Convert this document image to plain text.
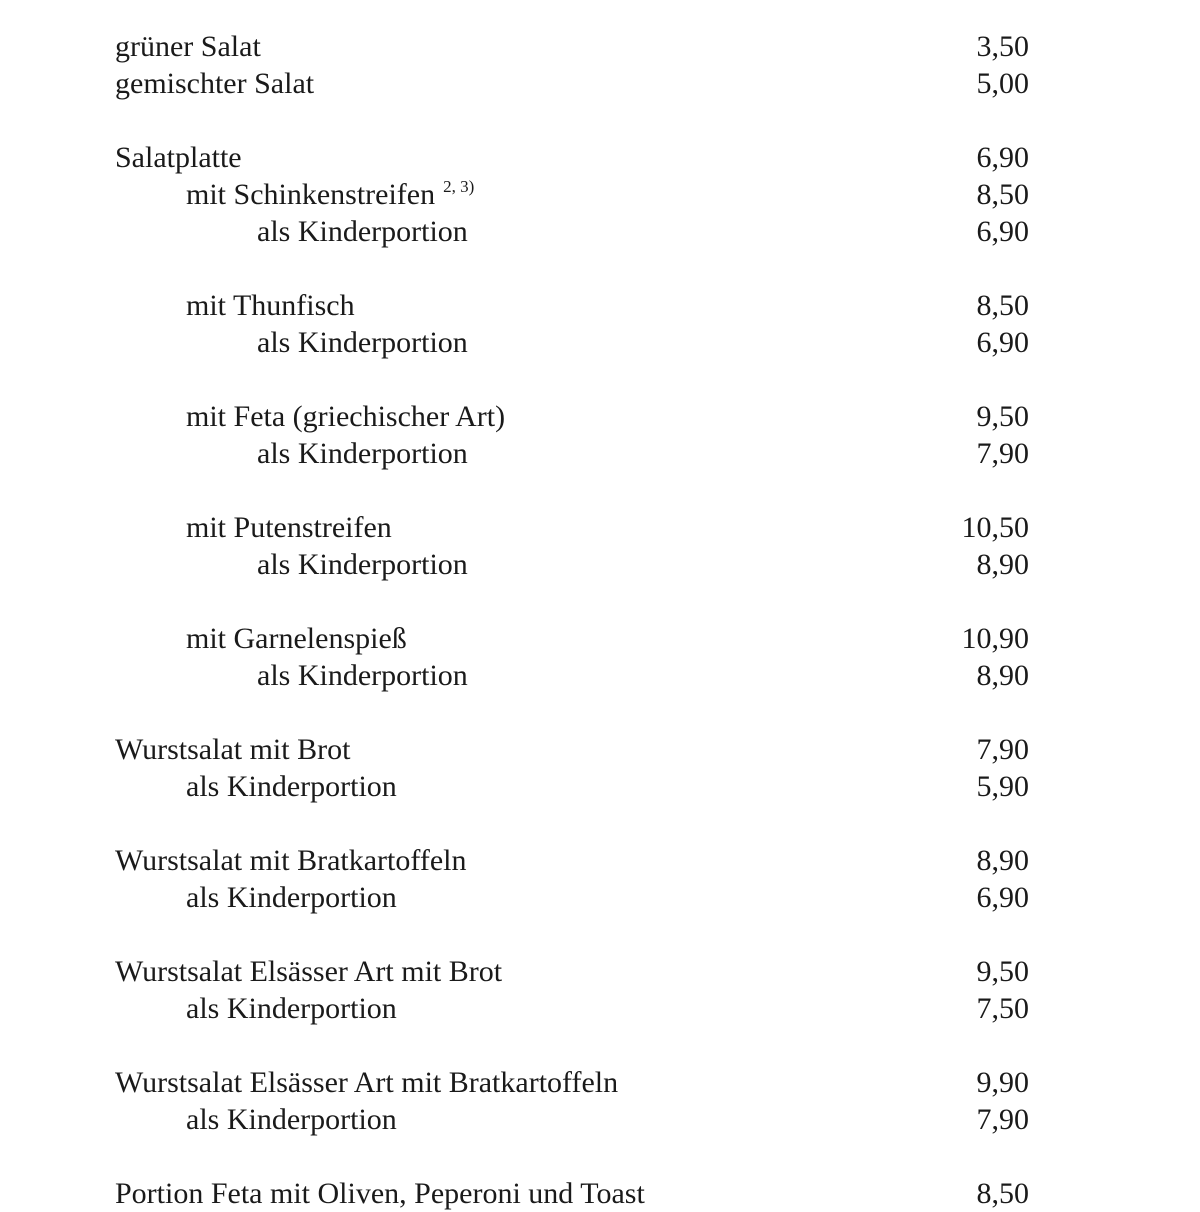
grüner Salat	3,50
gemischter Salat	5,00
Salatplatte	6,90
mit Schinkenstreifen $^{2, 3)}$	8,50
als Kinderportion	6,90
mit Thunfisch	8,50
als Kinderportion	6,90
mit Feta (griechischer Art)	9,50
als Kinderportion	7,90
mit Putenstreifen	10,50
als Kinderportion	8,90
mit Garnelenspieß	10,90
als Kinderportion	8,90
Wurstsalat mit Brot	7,90
als Kinderportion	5,90
Wurstsalat mit Bratkartoffeln	8,90
als Kinderportion	6,90
Wurstsalat Elsässer Art mit Brot	9,50
als Kinderportion	7,50
Wurstsalat Elsässer Art mit Bratkartoffeln	9,90
als Kinderportion	7,90
Portion Feta mit Oliven, Peperoni und Toast	8,50
